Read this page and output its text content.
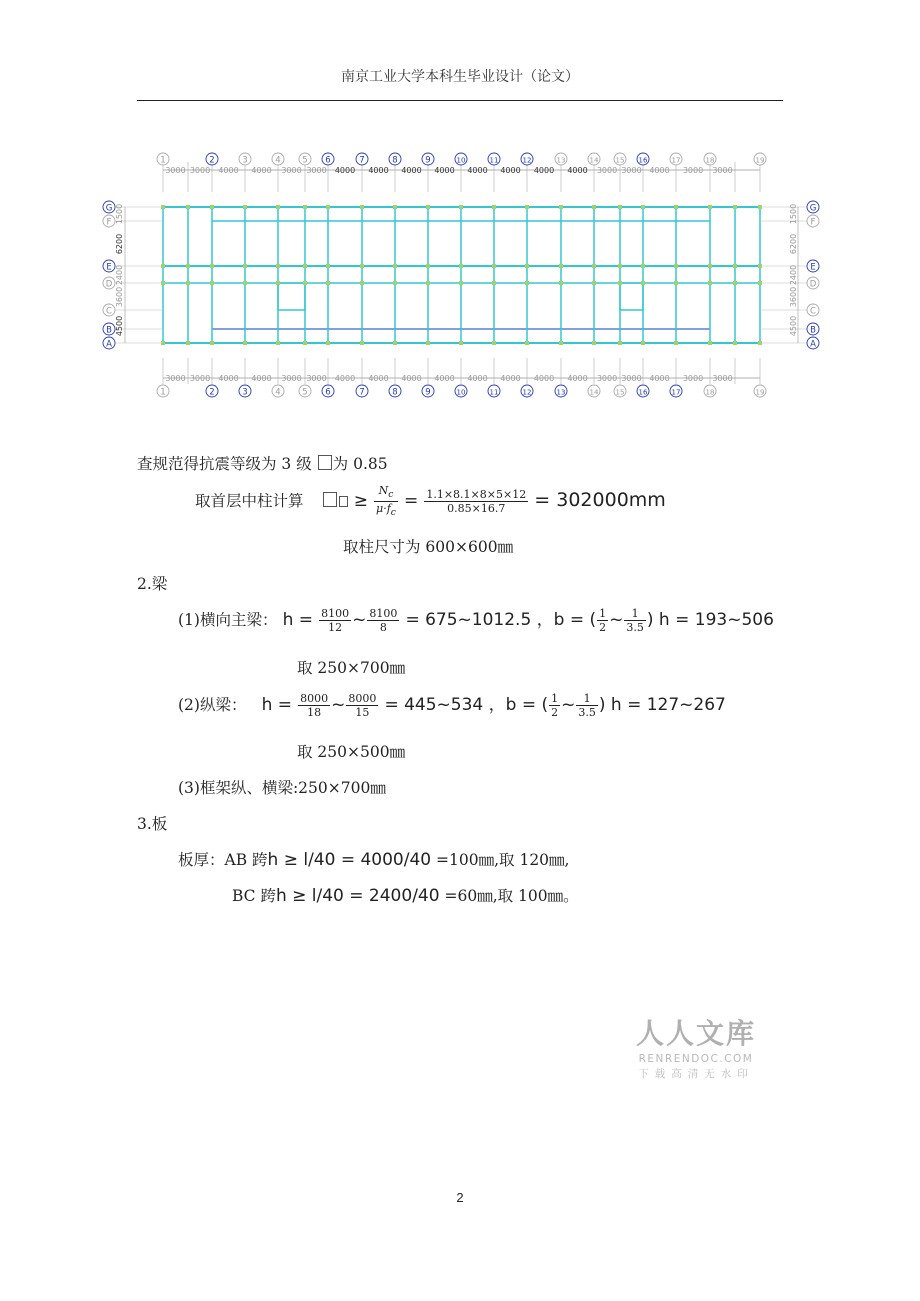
南京工业大学本科生毕业设计（论文）
1	2	3	4	5 6	7	8	9	10	11	12	13	14 15 16	17	18	19
1	2	3	4	5 6	7	8	9	10	11	12	13	14 15 16	17	18	19
3000 3000 4000 4000 3000 3000 4000 4000 4000 4000 4000 4000 4000 4000 3000 3000 4000 3000 3000
3000 3000 4000 4000 3000 3000 4000 4000 4000 4000 4000 4000 4000 4000 3000 3000 4000 3000 3000
G
F
E
D
C
B
A
G
F
E
D
C
B
A
1500
6200
2400
3600
4500
1500
6200
2400
3600
4500
查规范得抗震等级为 3 级 为 0.85
取首层中柱计算	≥ $\frac{N_c}{\mu\cdot f_c} = \frac{1.1\times 8.1\times 8\times 5\times 12}{0.85\times 16.7} = 302000mm$
取柱尺寸为 600×600㎜
2.梁
(1)横向主梁： $h = \frac{8100}{12}$ ~ $\frac{8100}{8}$ = 675~1012.5 ，b = ( $\frac{1}{2}$ ~ $\frac{1}{3.5}$ ) h = 193~506
取 250×700㎜
(2)纵梁： $h = \frac{8000}{18}$ ~ $\frac{8000}{15}$ = 445~534 ，b = ( $\frac{1}{2}$ ~ $\frac{1}{3.5}$ ) h = 127~267
取 250×500㎜
(3)框架纵、横梁:250×700㎜
3.板
板厚：AB 跨h ≥ l/40 = 4000/40 =100㎜,取 120㎜,
BC 跨h ≥ l/40 = 2400/40 =60㎜,取 100㎜。
人人文库
RENRENDOC.COM
下载高清无水印
2
